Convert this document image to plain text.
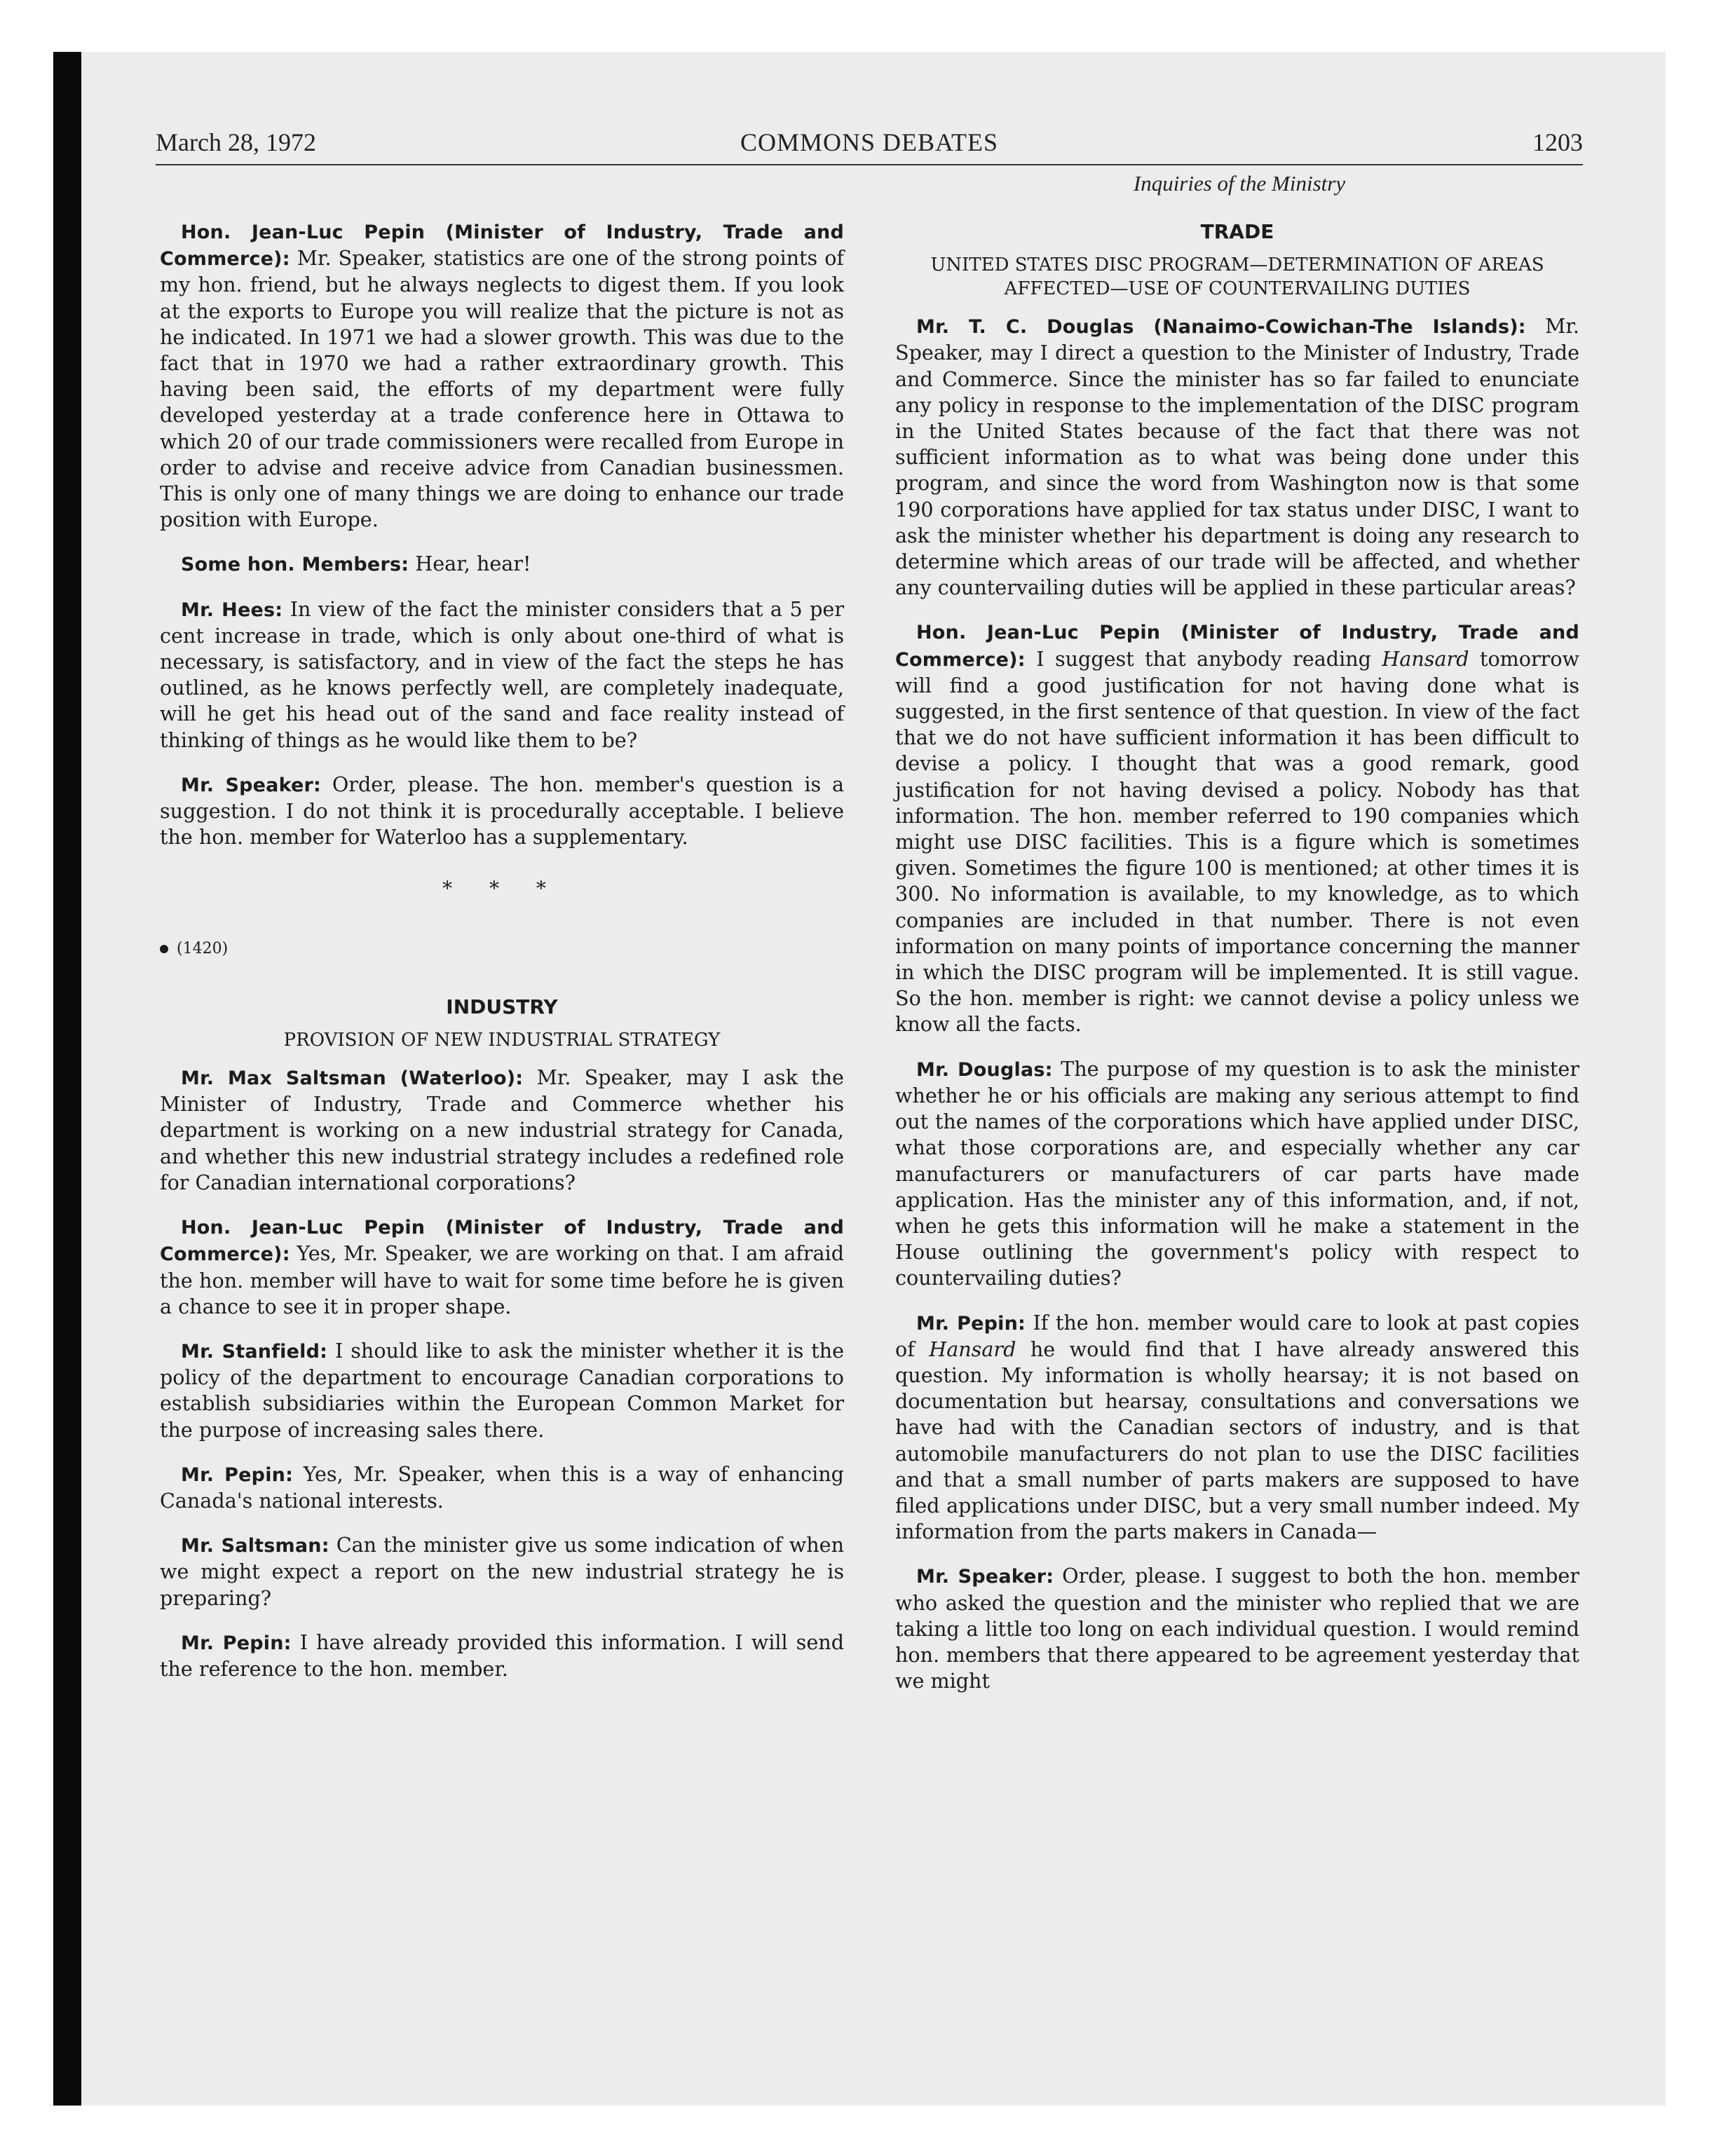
March 28, 1972	COMMONS DEBATES	1203
Inquiries of the Ministry

Hon. Jean-Luc Pepin (Minister of Industry, Trade and Commerce): Mr. Speaker, statistics are one of the strong points of my hon. friend, but he always neglects to digest them. If you look at the exports to Europe you will realize that the picture is not as he indicated. In 1971 we had a slower growth. This was due to the fact that in 1970 we had a rather extraordinary growth. This having been said, the efforts of my department were fully developed yesterday at a trade conference here in Ottawa to which 20 of our trade commissioners were recalled from Europe in order to advise and receive advice from Canadian businessmen. This is only one of many things we are doing to enhance our trade position with Europe.

Some hon. Members: Hear, hear!

Mr. Hees: In view of the fact the minister considers that a 5 per cent increase in trade, which is only about one-third of what is necessary, is satisfactory, and in view of the fact the steps he has outlined, as he knows perfectly well, are completely inadequate, will he get his head out of the sand and face reality instead of thinking of things as he would like them to be?

Mr. Speaker: Order, please. The hon. member's question is a suggestion. I do not think it is procedurally acceptable. I believe the hon. member for Waterloo has a supplementary.

* * *
(1420)
INDUSTRY
PROVISION OF NEW INDUSTRIAL STRATEGY

Mr. Max Saltsman (Waterloo): Mr. Speaker, may I ask the Minister of Industry, Trade and Commerce whether his department is working on a new industrial strategy for Canada, and whether this new industrial strategy includes a redefined role for Canadian international corporations?

Hon. Jean-Luc Pepin (Minister of Industry, Trade and Commerce): Yes, Mr. Speaker, we are working on that. I am afraid the hon. member will have to wait for some time before he is given a chance to see it in proper shape.

Mr. Stanfield: I should like to ask the minister whether it is the policy of the department to encourage Canadian corporations to establish subsidiaries within the European Common Market for the purpose of increasing sales there.

Mr. Pepin: Yes, Mr. Speaker, when this is a way of enhancing Canada's national interests.

Mr. Saltsman: Can the minister give us some indication of when we might expect a report on the new industrial strategy he is preparing?

Mr. Pepin: I have already provided this information. I will send the reference to the hon. member.

TRADE
UNITED STATES DISC PROGRAM—DETERMINATION OF AREAS AFFECTED—USE OF COUNTERVAILING DUTIES

Mr. T. C. Douglas (Nanaimo-Cowichan-The Islands): Mr. Speaker, may I direct a question to the Minister of Industry, Trade and Commerce. Since the minister has so far failed to enunciate any policy in response to the implementation of the DISC program in the United States because of the fact that there was not sufficient information as to what was being done under this program, and since the word from Washington now is that some 190 corporations have applied for tax status under DISC, I want to ask the minister whether his department is doing any research to determine which areas of our trade will be affected, and whether any countervailing duties will be applied in these particular areas?

Hon. Jean-Luc Pepin (Minister of Industry, Trade and Commerce): I suggest that anybody reading Hansard tomorrow will find a good justification for not having done what is suggested, in the first sentence of that question. In view of the fact that we do not have sufficient information it has been difficult to devise a policy. I thought that was a good remark, good justification for not having devised a policy. Nobody has that information. The hon. member referred to 190 companies which might use DISC facilities. This is a figure which is sometimes given. Sometimes the figure 100 is mentioned; at other times it is 300. No information is available, to my knowledge, as to which companies are included in that number. There is not even information on many points of importance concerning the manner in which the DISC program will be implemented. It is still vague. So the hon. member is right: we cannot devise a policy unless we know all the facts.

Mr. Douglas: The purpose of my question is to ask the minister whether he or his officials are making any serious attempt to find out the names of the corporations which have applied under DISC, what those corporations are, and especially whether any car manufacturers or manufacturers of car parts have made application. Has the minister any of this information, and, if not, when he gets this information will he make a statement in the House outlining the government's policy with respect to countervailing duties?

Mr. Pepin: If the hon. member would care to look at past copies of Hansard he would find that I have already answered this question. My information is wholly hearsay; it is not based on documentation but hearsay, consultations and conversations we have had with the Canadian sectors of industry, and is that automobile manufacturers do not plan to use the DISC facilities and that a small number of parts makers are supposed to have filed applications under DISC, but a very small number indeed. My information from the parts makers in Canada—

Mr. Speaker: Order, please. I suggest to both the hon. member who asked the question and the minister who replied that we are taking a little too long on each individual question. I would remind hon. members that there appeared to be agreement yesterday that we might
